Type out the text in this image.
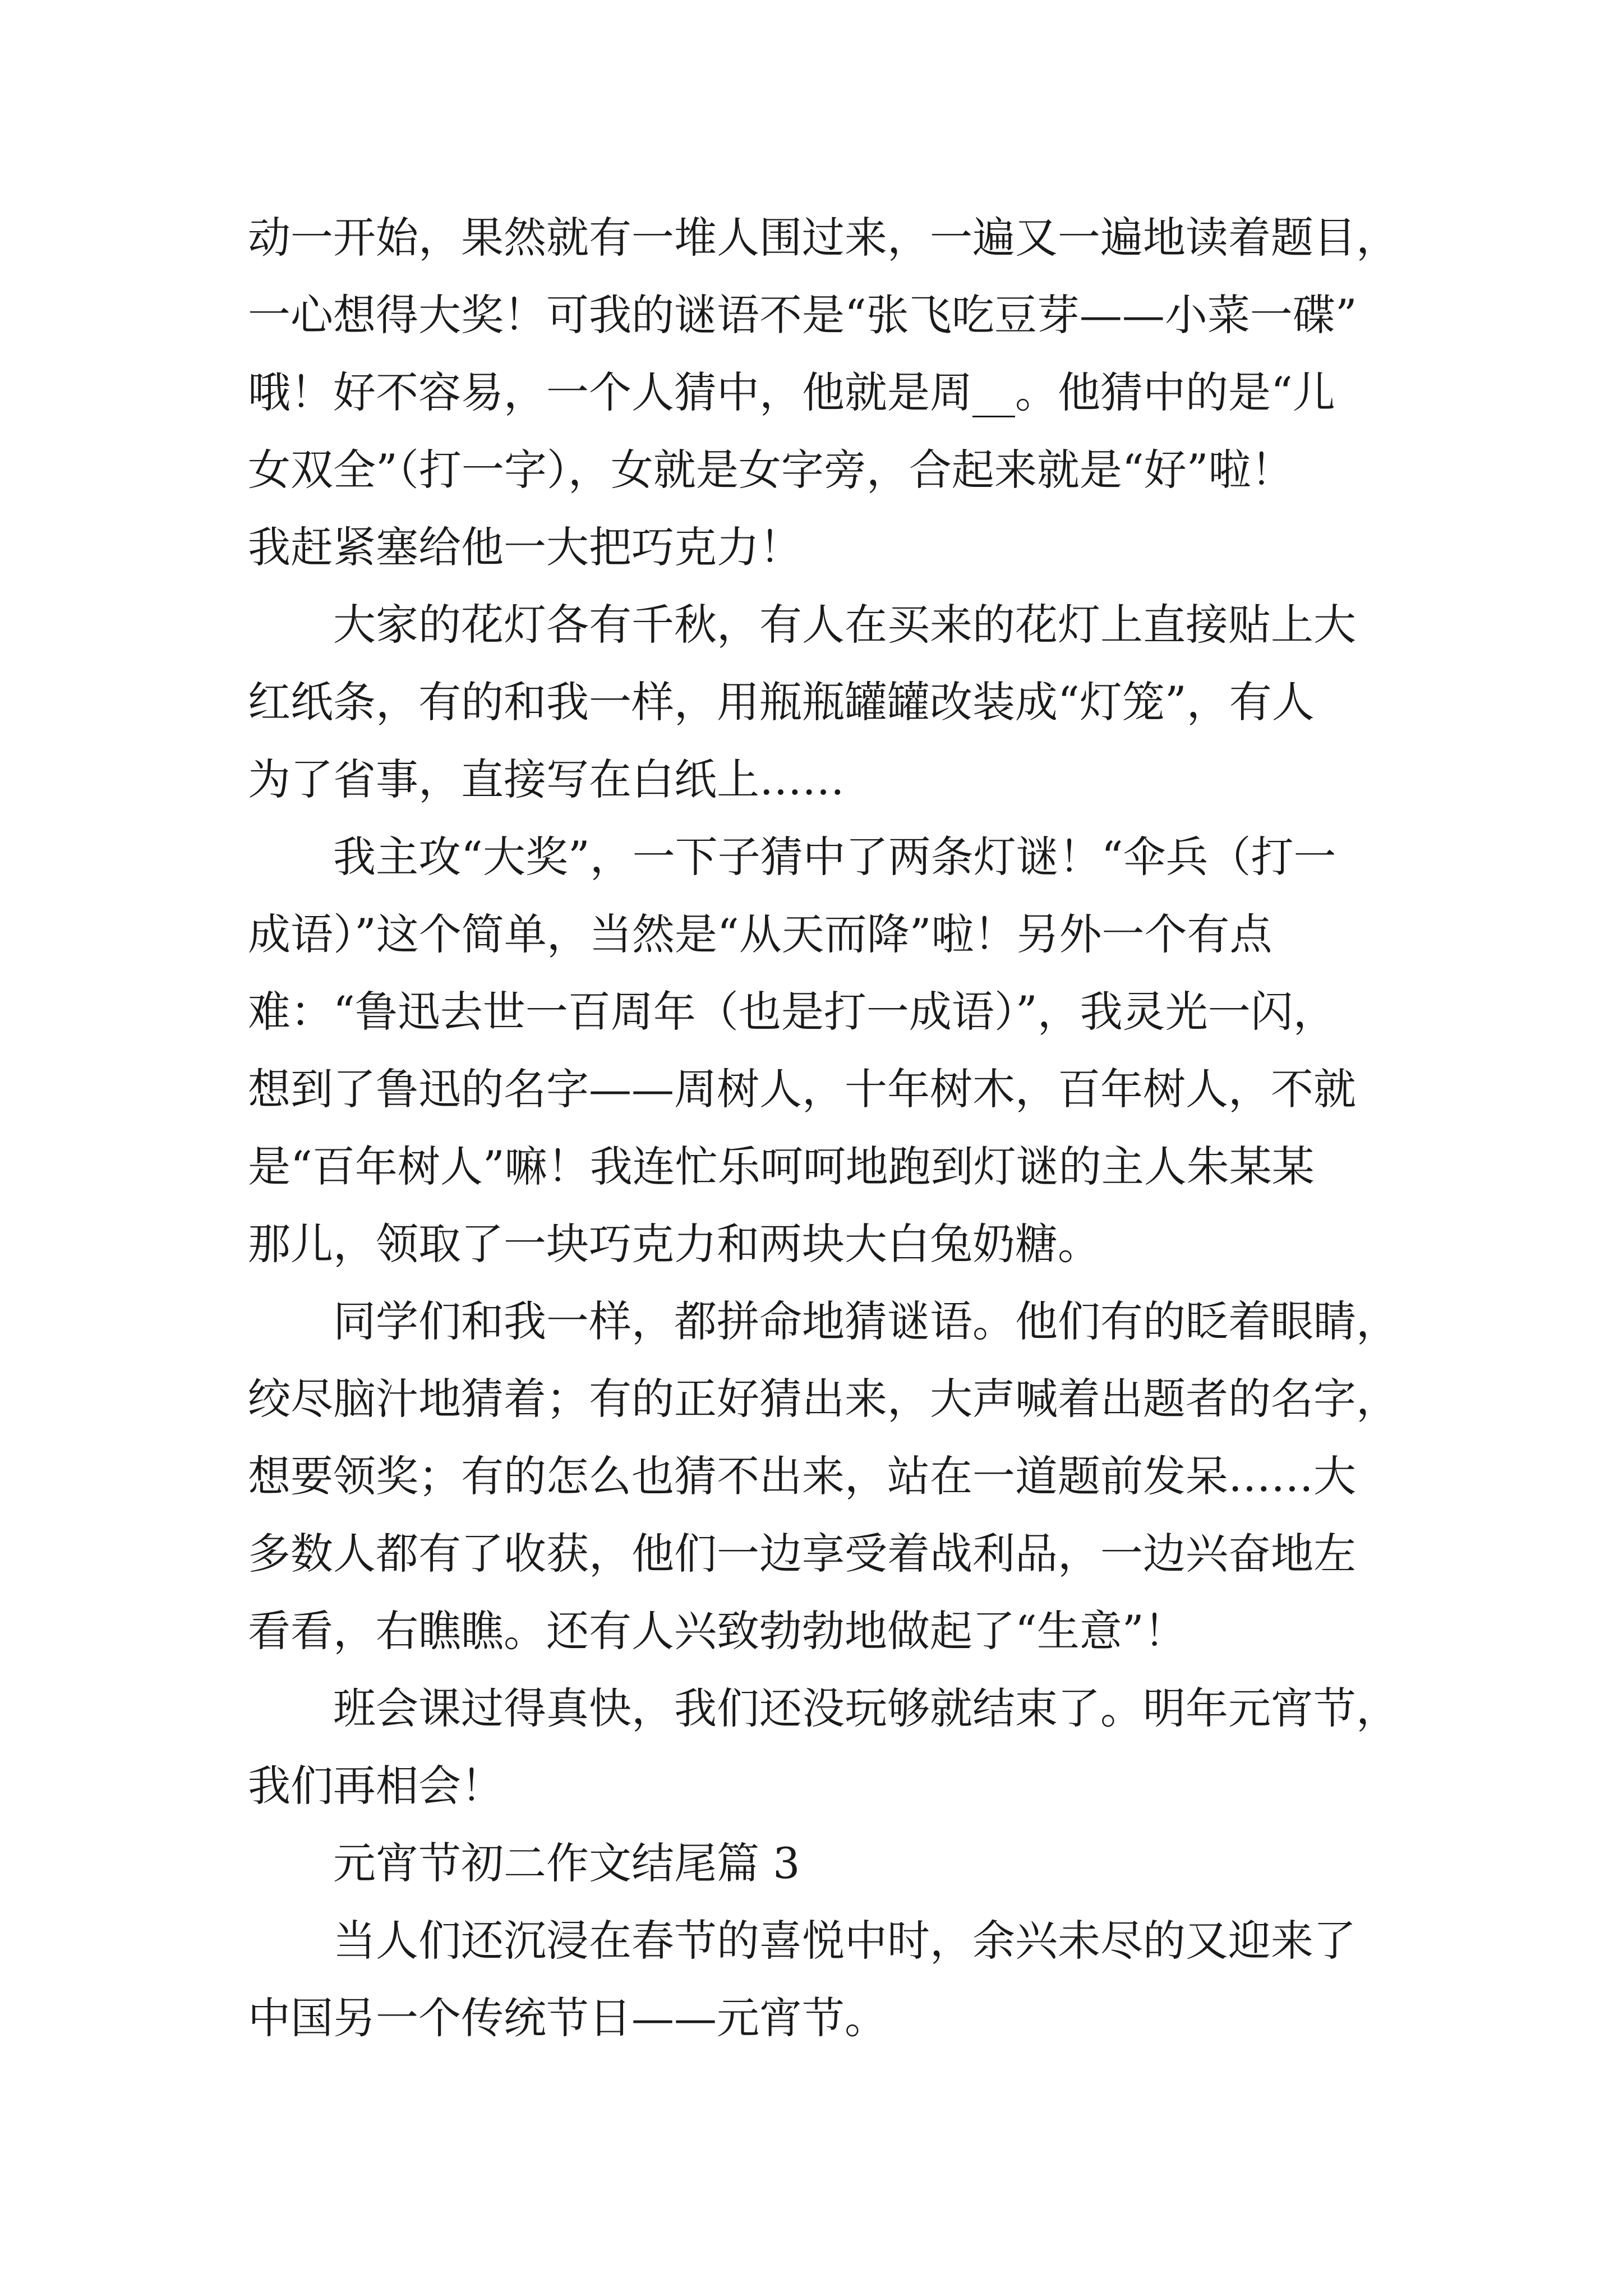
动一开始，果然就有一堆人围过来，一遍又一遍地读着题目，
一心想得大奖！可我的谜语不是“张飞吃豆芽——小菜一碟”
哦！好不容易，一个人猜中，他就是周__。他猜中的是“儿
女双全”（打一字），女就是女字旁，合起来就是“好”啦！
我赶紧塞给他一大把巧克力！

大家的花灯各有千秋，有人在买来的花灯上直接贴上大
红纸条，有的和我一样，用瓶瓶罐罐改装成“灯笼”，有人
为了省事，直接写在白纸上……

我主攻“大奖”，一下子猜中了两条灯谜！“伞兵（打一
成语）”这个简单，当然是“从天而降”啦！另外一个有点
难：“鲁迅去世一百周年（也是打一成语）”，我灵光一闪，
想到了鲁迅的名字——周树人，十年树木，百年树人，不就
是“百年树人”嘛！我连忙乐呵呵地跑到灯谜的主人朱某某
那儿，领取了一块巧克力和两块大白兔奶糖。

同学们和我一样，都拼命地猜谜语。他们有的眨着眼睛，
绞尽脑汁地猜着；有的正好猜出来，大声喊着出题者的名字，
想要领奖；有的怎么也猜不出来，站在一道题前发呆……大
多数人都有了收获，他们一边享受着战利品，一边兴奋地左
看看，右瞧瞧。还有人兴致勃勃地做起了“生意”！

班会课过得真快，我们还没玩够就结束了。明年元宵节，
我们再相会！

元宵节初二作文结尾篇 3

当人们还沉浸在春节的喜悦中时，余兴未尽的又迎来了
中国另一个传统节日——元宵节。
